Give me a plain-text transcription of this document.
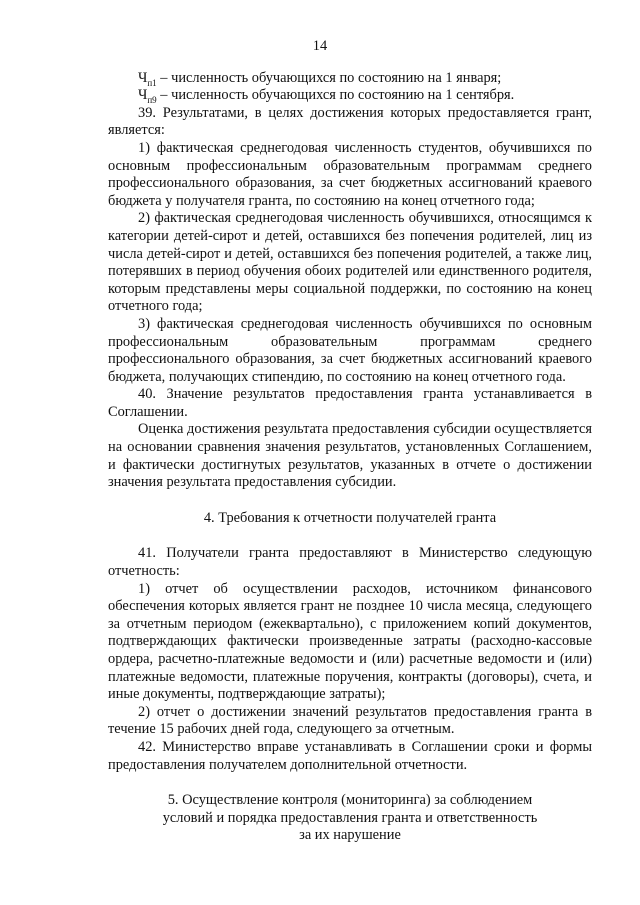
14

$Ч_{п1}$ – численность обучающихся по состоянию на 1 января;

$Ч_{п9}$ – численность обучающихся по состоянию на 1 сентября.

39. Результатами, в целях достижения которых предоставляется грант, является:

1) фактическая среднегодовая численность студентов, обучившихся по основным профессиональным образовательным программам среднего профессионального образования, за счет бюджетных ассигнований краевого бюджета у получателя гранта, по состоянию на конец отчетного года;

2) фактическая среднегодовая численность обучившихся, относящимся к категории детей-сирот и детей, оставшихся без попечения родителей, лиц из числа детей-сирот и детей, оставшихся без попечения родителей, а также лиц, потерявших в период обучения обоих родителей или единственного родителя, которым представлены меры социальной поддержки, по состоянию на конец отчетного года;

3) фактическая среднегодовая численность обучившихся по основным профессиональным образовательным программам среднего профессионального образования, за счет бюджетных ассигнований краевого бюджета, получающих стипендию, по состоянию на конец отчетного года.

40. Значение результатов предоставления гранта устанавливается в Соглашении.

Оценка достижения результата предоставления субсидии осуществляется на основании сравнения значения результатов, установленных Соглашением, и фактически достигнутых результатов, указанных в отчете о достижении значения результата предоставления субсидии.

4. Требования к отчетности получателей гранта

41. Получатели гранта предоставляют в Министерство следующую отчетность:

1) отчет об осуществлении расходов, источником финансового обеспечения которых является грант не позднее 10 числа месяца, следующего за отчетным периодом (ежеквартально), с приложением копий документов, подтверждающих фактически произведенные затраты (расходно-кассовые ордера, расчетно-платежные ведомости и (или) расчетные ведомости и (или) платежные ведомости, платежные поручения, контракты (договоры), счета, и иные документы, подтверждающие затраты);

2) отчет о достижении значений результатов предоставления гранта в течение 15 рабочих дней года, следующего за отчетным.

42. Министерство вправе устанавливать в Соглашении сроки и формы предоставления получателем дополнительной отчетности.

5. Осуществление контроля (мониторинга) за соблюдением

условий и порядка предоставления гранта и ответственность

за их нарушение
